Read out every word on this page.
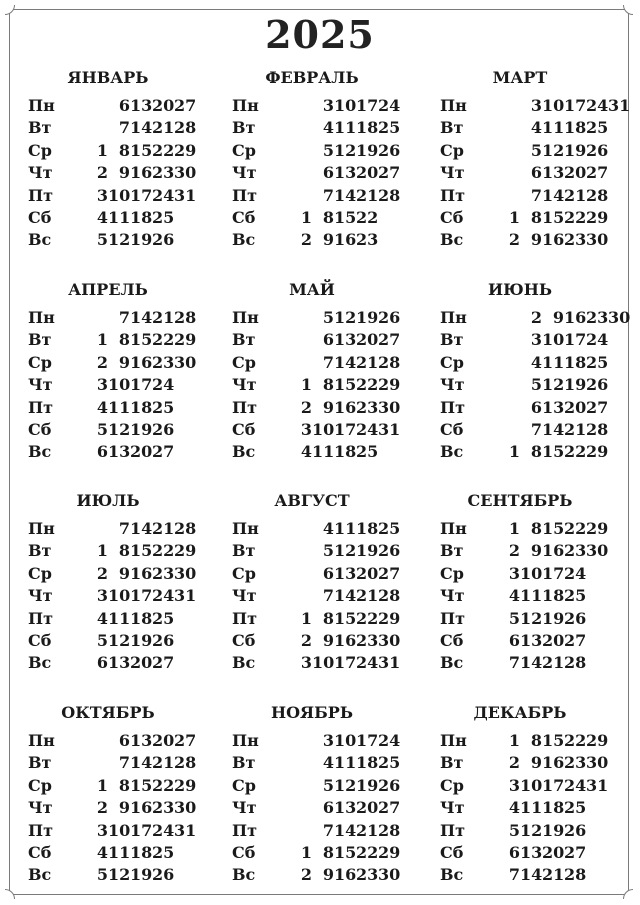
2025
ЯНВАРЬ
Пн	6 13 20 27
Вт	7 14 21 28
Ср	1 8 15 22 29
Чт	2 9 16 23 30
Пт	3 10 17 24 31
Сб	4 11 18 25
Вс	5 12 19 26
ФЕВРАЛЬ
Пн	3 10 17 24
Вт	4 11 18 25
Ср	5 12 19 26
Чт	6 13 20 27
Пт	7 14 21 28
Сб	1 8 15 22
Вс	2 9 16 23
МАРТ
Пн	3 10 17 24 31
Вт	4 11 18 25
Ср	5 12 19 26
Чт	6 13 20 27
Пт	7 14 21 28
Сб	1 8 15 22 29
Вс	2 9 16 23 30
АПРЕЛЬ
Пн	7 14 21 28
Вт	1 8 15 22 29
Ср	2 9 16 23 30
Чт	3 10 17 24
Пт	4 11 18 25
Сб	5 12 19 26
Вс	6 13 20 27
МАЙ
Пн	5 12 19 26
Вт	6 13 20 27
Ср	7 14 21 28
Чт	1 8 15 22 29
Пт	2 9 16 23 30
Сб	3 10 17 24 31
Вс	4 11 18 25
ИЮНЬ
Пн	2 9 16 23 30
Вт	3 10 17 24
Ср	4 11 18 25
Чт	5 12 19 26
Пт	6 13 20 27
Сб	7 14 21 28
Вс	1 8 15 22 29
ИЮЛЬ
Пн	7 14 21 28
Вт	1 8 15 22 29
Ср	2 9 16 23 30
Чт	3 10 17 24 31
Пт	4 11 18 25
Сб	5 12 19 26
Вс	6 13 20 27
АВГУСТ
Пн	4 11 18 25
Вт	5 12 19 26
Ср	6 13 20 27
Чт	7 14 21 28
Пт	1 8 15 22 29
Сб	2 9 16 23 30
Вс	3 10 17 24 31
СЕНТЯБРЬ
Пн	1 8 15 22 29
Вт	2 9 16 23 30
Ср	3 10 17 24
Чт	4 11 18 25
Пт	5 12 19 26
Сб	6 13 20 27
Вс	7 14 21 28
ОКТЯБРЬ
Пн	6 13 20 27
Вт	7 14 21 28
Ср	1 8 15 22 29
Чт	2 9 16 23 30
Пт	3 10 17 24 31
Сб	4 11 18 25
Вс	5 12 19 26
НОЯБРЬ
Пн	3 10 17 24
Вт	4 11 18 25
Ср	5 12 19 26
Чт	6 13 20 27
Пт	7 14 21 28
Сб	1 8 15 22 29
Вс	2 9 16 23 30
ДЕКАБРЬ
Пн	1 8 15 22 29
Вт	2 9 16 23 30
Ср	3 10 17 24 31
Чт	4 11 18 25
Пт	5 12 19 26
Сб	6 13 20 27
Вс	7 14 21 28
